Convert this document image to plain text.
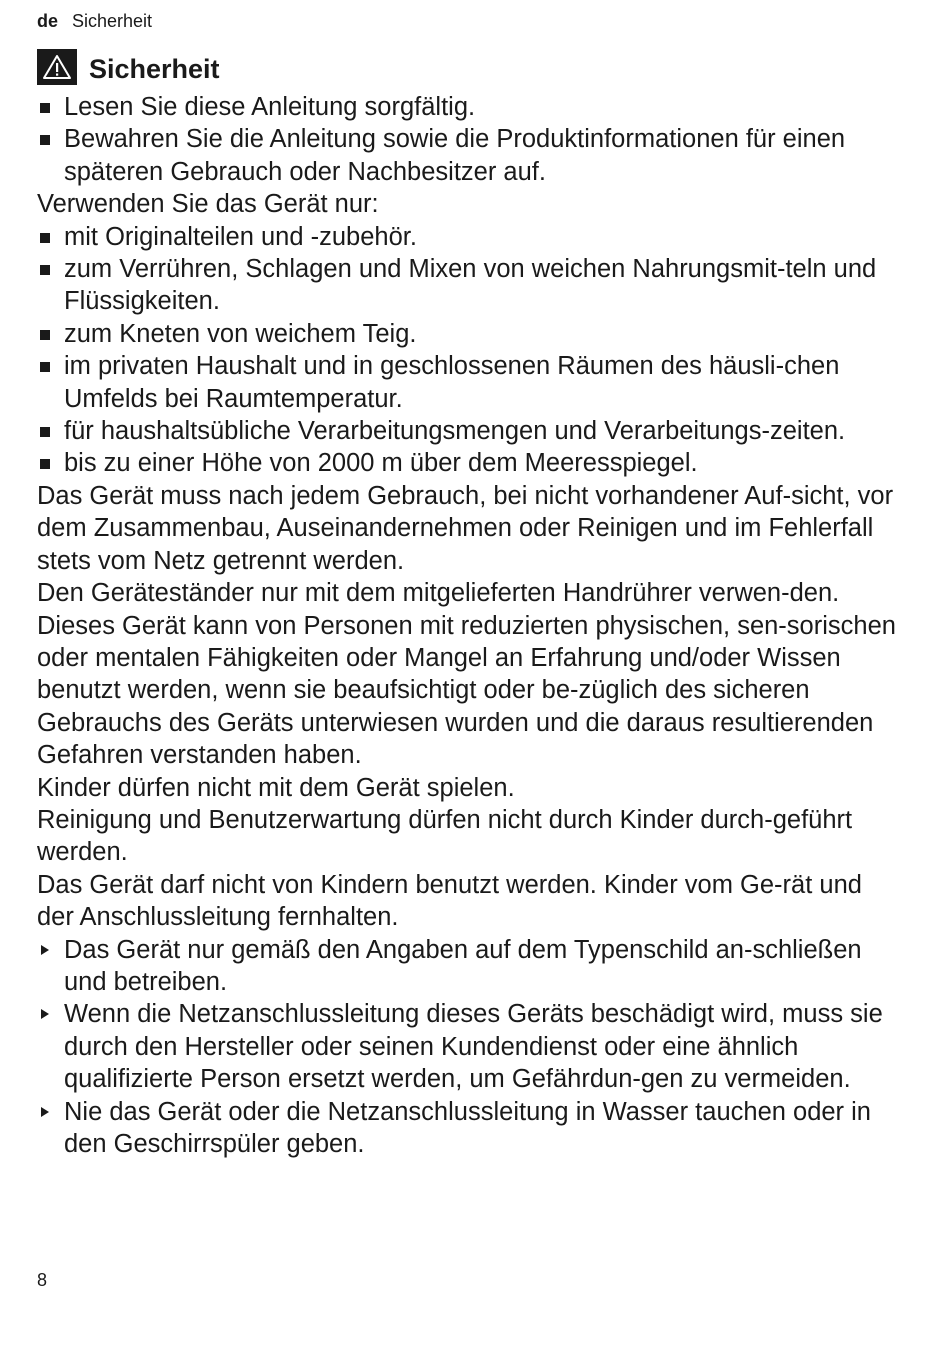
de Sicherheit
Sicherheit
Lesen Sie diese Anleitung sorgfältig.
Bewahren Sie die Anleitung sowie die Produktinformationen für einen späteren Gebrauch oder Nachbesitzer auf.

Verwenden Sie das Gerät nur:

mit Originalteilen und -zubehör.
zum Verrühren, Schlagen und Mixen von weichen Nahrungsmit-teln und Flüssigkeiten.
zum Kneten von weichem Teig.
im privaten Haushalt und in geschlossenen Räumen des häusli-chen Umfelds bei Raumtemperatur.
für haushaltsübliche Verarbeitungsmengen und Verarbeitungs-zeiten.
bis zu einer Höhe von 2000 m über dem Meeresspiegel.

Das Gerät muss nach jedem Gebrauch, bei nicht vorhandener Auf-sicht, vor dem Zusammenbau, Auseinandernehmen oder Reinigen und im Fehlerfall stets vom Netz getrennt werden.

Den Geräteständer nur mit dem mitgelieferten Handrührer verwen-den.

Dieses Gerät kann von Personen mit reduzierten physischen, sen-sorischen oder mentalen Fähigkeiten oder Mangel an Erfahrung und/oder Wissen benutzt werden, wenn sie beaufsichtigt oder be-züglich des sicheren Gebrauchs des Geräts unterwiesen wurden und die daraus resultierenden Gefahren verstanden haben.

Kinder dürfen nicht mit dem Gerät spielen.

Reinigung und Benutzerwartung dürfen nicht durch Kinder durch-geführt werden.

Das Gerät darf nicht von Kindern benutzt werden. Kinder vom Ge-rät und der Anschlussleitung fernhalten.

Das Gerät nur gemäß den Angaben auf dem Typenschild an-schließen und betreiben.
Wenn die Netzanschlussleitung dieses Geräts beschädigt wird, muss sie durch den Hersteller oder seinen Kundendienst oder eine ähnlich qualifizierte Person ersetzt werden, um Gefährdun-gen zu vermeiden.
Nie das Gerät oder die Netzanschlussleitung in Wasser tauchen oder in den Geschirrspüler geben.
8
